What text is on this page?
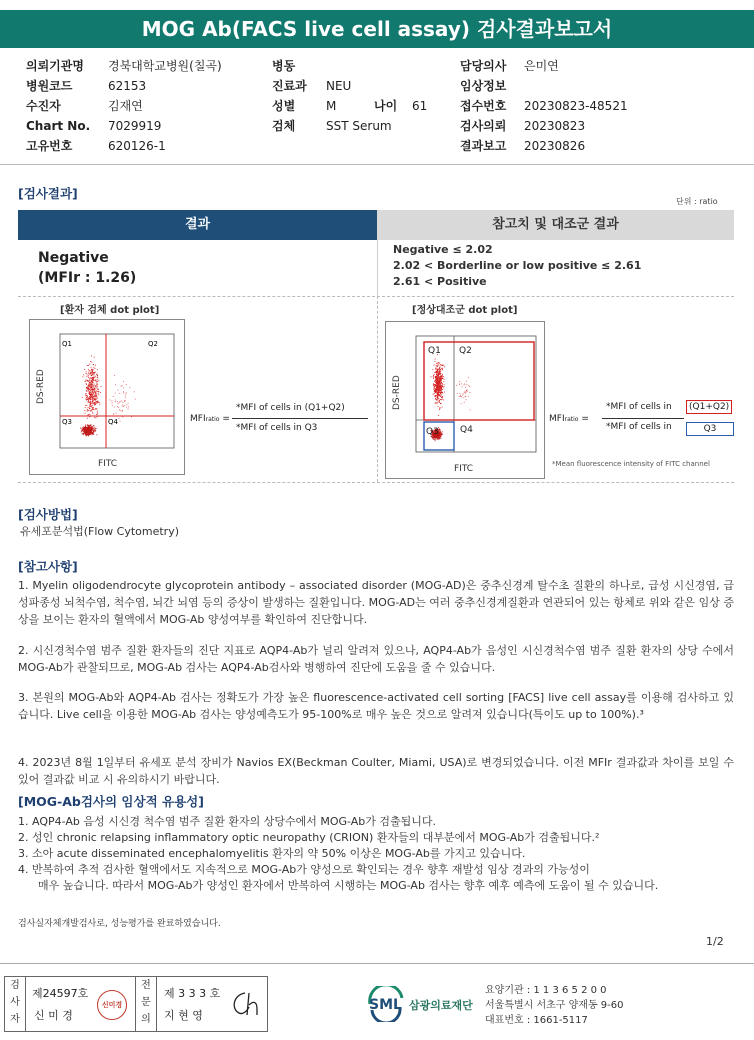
MOG Ab(FACS live cell assay) 검사결과보고서
의뢰기관명 경북대학교병원(칠곡)
병원코드	62153
수진자	김재연
Chart No. 7029919
고유번호	620126-1
병동
진료과 NEU
성별	M	나이 61
검체	SST Serum
담당의사 은미연
임상정보
접수번호 20230823-48521
검사의뢰 20230823
결과보고 20230826
[검사결과]
단위 : ratio
결과	참고치 및 대조군 결과
Negative
(MFIr : 1.26)
Negative ≤ 2.02
2.02 < Borderline or low positive ≤ 2.61
2.61 < Positive
[환자 검체 dot plot]
Q1	Q2
Q3	Q4
DS-RED
FITC
MFIratio =
*MFI of cells in (Q1+Q2)
*MFI of cells in Q3
[정상대조군 dot plot]
Q1 Q2
Q3 Q4
DS-RED
FITC
MFIratio =
*MFI of cells in	(Q1+Q2)
*MFI of cells in	Q3
*Mean fluorescence intensity of FITC channel
[검사방법]
유세포분석법(Flow Cytometry)
[참고사항]
1. Myelin oligodendrocyte glycoprotein antibody – associated disorder (MOG-AD)은 중추신경계 탈수초 질환의 하나로, 급성 시신경염, 급성파종성 뇌척수염, 척수염, 뇌간 뇌염 등의 증상이 발생하는 질환입니다. MOG-AD는 여러 중추신경계질환과 연관되어 있는 항체로 위와 같은 임상 증상을 보이는 환자의 혈액에서 MOG-Ab 양성여부를 확인하여 진단합니다.
2. 시신경척수염 범주 질환 환자들의 진단 지표로 AQP4-Ab가 널리 알려져 있으나, AQP4-Ab가 음성인 시신경척수염 범주 질환 환자의 상당 수에서 MOG-Ab가 관찰되므로, MOG-Ab 검사는 AQP4-Ab검사와 병행하여 진단에 도움을 줄 수 있습니다.
3. 본원의 MOG-Ab와 AQP4-Ab 검사는 정확도가 가장 높은 fluorescence-activated cell sorting [FACS] live cell assay를 이용해 검사하고 있습니다. Live cell을 이용한 MOG-Ab 검사는 양성예측도가 95-100%로 매우 높은 것으로 알려져 있습니다(특이도 up to 100%).³
4. 2023년 8월 1일부터 유세포 분석 장비가 Navios EX(Beckman Coulter, Miami, USA)로 변경되었습니다. 이전 MFIr 결과값과 차이를 보일 수 있어 결과값 비교 시 유의하시기 바랍니다.
[MOG-Ab검사의 임상적 유용성]
1. AQP4-Ab 음성 시신경 척수염 범주 질환 환자의 상당수에서 MOG-Ab가 검출됩니다.
2. 성인 chronic relapsing inflammatory optic neuropathy (CRION) 환자들의 대부분에서 MOG-Ab가 검출됩니다.²
3. 소아 acute disseminated encephalomyelitis 환자의 약 50% 이상은 MOG-Ab를 가지고 있습니다.
4. 반복하여 추적 검사한 혈액에서도 지속적으로 MOG-Ab가 양성으로 확인되는 경우 향후 재발성 임상 경과의 가능성이
매우 높습니다. 따라서 MOG-Ab가 양성인 환자에서 반복하여 시행하는 MOG-Ab 검사는 향후 예후 예측에 도움이 될 수 있습니다.
검사실자체개발검사로, 성능평가를 완료하였습니다.
1/2
검
사
자
제24597호
신 미 경
신미경
전
문
의
제 3 3 3 호
지 현 영
SML 삼광의료재단
요양기관 : 1 1 3 6 5 2 0 0
서울특별시 서초구 양재동 9-60
대표번호 : 1661-5117
